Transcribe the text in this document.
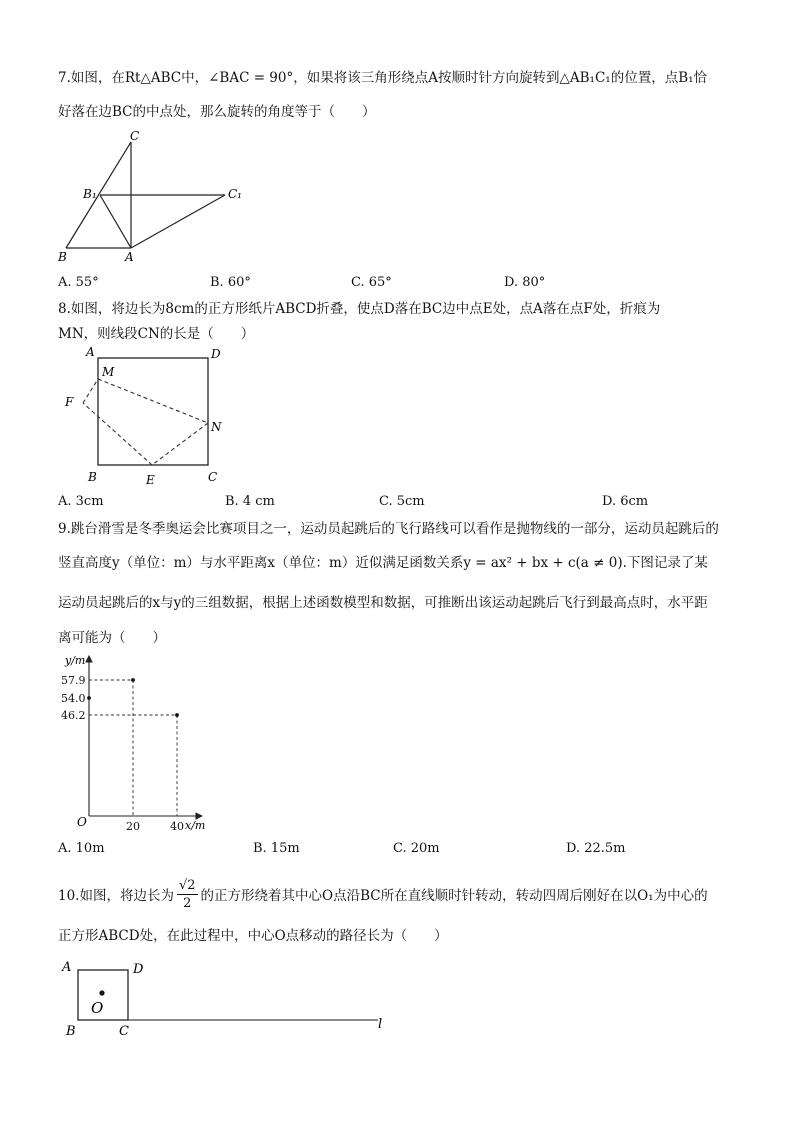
7.如图，在Rt△ABC中，∠BAC = 90°，如果将该三角形绕点A按顺时针方向旋转到△AB₁C₁的位置，点B₁恰
好落在边BC的中点处，那么旋转的角度等于（　　）
C
B₁	C₁
B	A
A. 55°	B. 60°	C. 65°	D. 80°
8.如图，将边长为8cm的正方形纸片ABCD折叠，使点D落在BC边中点E处，点A落在点F处，折痕为
MN，则线段CN的长是（　　）
A	D
M
F
N
B	E	C
A. 3cm	B. 4 cm	C. 5cm	D. 6cm
9.跳台滑雪是冬季奥运会比赛项目之一，运动员起跳后的飞行路线可以看作是抛物线的一部分，运动员起跳后的
竖直高度y（单位：m）与水平距离x（单位：m）近似满足函数关系y = ax² + bx + c(a ≠ 0).下图记录了某
运动员起跳后的x与y的三组数据，根据上述函数模型和数据，可推断出该运动起跳后飞行到最高点时，水平距
离可能为（　　）
y/m
x/m
O
57.9
54.0
46.2
20	40
A. 10m	B. 15m	C. 20m	D. 22.5m
10.如图，将边长为 $\frac{√2}{2}$ 的正方形绕着其中心O点沿BC所在直线顺时针转动，转动四周后刚好在以O₁为中心的
正方形ABCD处，在此过程中，中心O点移动的路径长为（　　）
A	D
O
B	C	l
